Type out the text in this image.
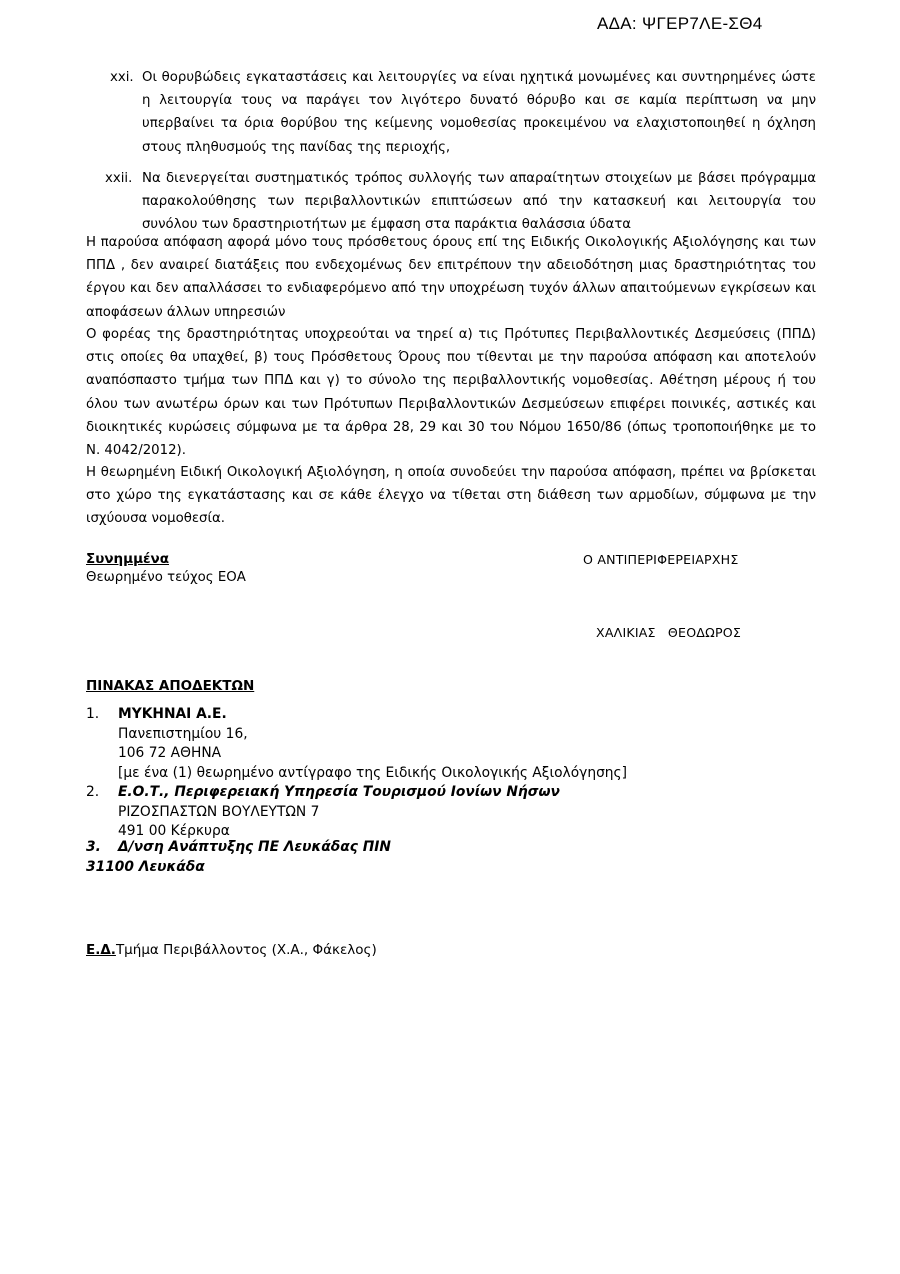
ΑΔΑ: ΨΓΕΡ7ΛΕ-ΣΘ4
xxi. Οι θορυβώδεις εγκαταστάσεις και λειτουργίες να είναι ηχητικά μονωμένες και συντηρημένες ώστε η λειτουργία τους να παράγει τον λιγότερο δυνατό θόρυβο και σε καμία περίπτωση να μην υπερβαίνει τα όρια θορύβου της κείμενης νομοθεσίας προκειμένου να ελαχιστοποιηθεί η όχληση στους πληθυσμούς της πανίδας της περιοχής,
xxii. Να διενεργείται συστηματικός τρόπος συλλογής των απαραίτητων στοιχείων με βάσει πρόγραμμα παρακολούθησης των περιβαλλοντικών επιπτώσεων από την κατασκευή και λειτουργία του συνόλου των δραστηριοτήτων με έμφαση στα παράκτια θαλάσσια ύδατα
Η παρούσα απόφαση αφορά μόνο τους πρόσθετους όρους επί της Ειδικής Οικολογικής Αξιολόγησης και των ΠΠΔ , δεν αναιρεί διατάξεις που ενδεχομένως δεν επιτρέπουν την αδειοδότηση μιας δραστηριότητας του έργου και δεν απαλλάσσει το ενδιαφερόμενο από την υποχρέωση τυχόν άλλων απαιτούμενων εγκρίσεων και αποφάσεων άλλων υπηρεσιών
Ο φορέας της δραστηριότητας υποχρεούται να τηρεί α) τις Πρότυπες Περιβαλλοντικές Δεσμεύσεις (ΠΠΔ) στις οποίες θα υπαχθεί, β) τους Πρόσθετους Όρους που τίθενται με την παρούσα απόφαση και αποτελούν αναπόσπαστο τμήμα των ΠΠΔ και γ) το σύνολο της περιβαλλοντικής νομοθεσίας. Αθέτηση μέρους ή του όλου των ανωτέρω όρων και των Πρότυπων Περιβαλλοντικών Δεσμεύσεων επιφέρει ποινικές, αστικές και διοικητικές κυρώσεις σύμφωνα με τα άρθρα 28, 29 και 30 του Νόμου 1650/86 (όπως τροποποιήθηκε με το Ν. 4042/2012).
Η θεωρημένη Ειδική Οικολογική Αξιολόγηση, η οποία συνοδεύει την παρούσα απόφαση, πρέπει να βρίσκεται στο χώρο της εγκατάστασης και σε κάθε έλεγχο να τίθεται στη διάθεση των αρμοδίων, σύμφωνα με την ισχύουσα νομοθεσία.
Συνημμένα
Θεωρημένο τεύχος ΕΟΑ
Ο ΑΝΤΙΠΕΡΙΦΕΡΕΙΑΡΧΗΣ
ΧΑΛΙΚΙΑΣ ΘΕΟΔΩΡΟΣ
ΠΙΝΑΚΑΣ ΑΠΟΔΕΚΤΩΝ
1. ΜΥΚΗΝΑΙ Α.Ε.
Πανεπιστημίου 16,
106 72 ΑΘΗΝΑ
[με ένα (1) θεωρημένο αντίγραφο της Ειδικής Οικολογικής Αξιολόγησης]
2. Ε.Ο.Τ., Περιφερειακή Υπηρεσία Τουρισμού Ιονίων Νήσων
ΡΙΖΟΣΠΑΣΤΩΝ ΒΟΥΛΕΥΤΩΝ 7
491 00 Κέρκυρα
3. Δ/νση Ανάπτυξης ΠΕ Λευκάδας ΠΙΝ
31100 Λευκάδα
Ε.Δ.Τμήμα Περιβάλλοντος (Χ.Α., Φάκελος)
